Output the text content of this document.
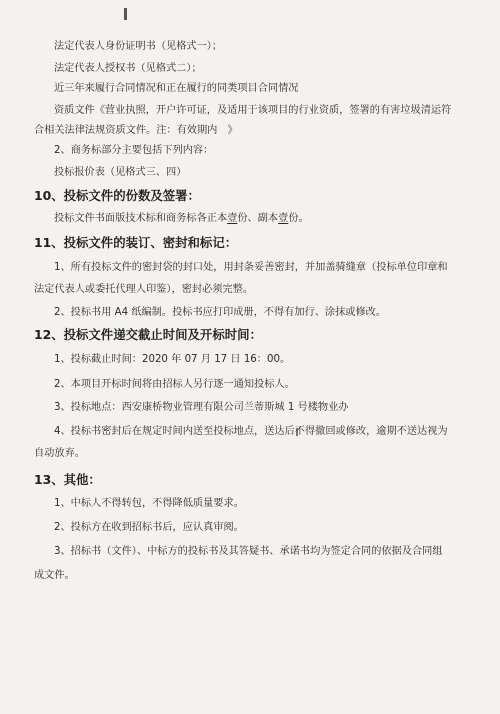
法定代表人身份证明书（见格式一）；
法定代表人授权书（见格式二）；
近三年来履行合同情况和正在履行的同类项目合同情况
资质文件《营业执照，开户许可证，及适用于该项目的行业资质，签署的有害垃圾清运符
合相关法律法规资质文件。注：有效期内　》
2、商务标部分主要包括下列内容：
投标报价表（见格式三、四）
10、投标文件的份数及签署：
投标文件书面版技术标和商务标各正本壹份、副本壹份。
11、投标文件的装订、密封和标记：
1、所有投标文件的密封袋的封口处，用封条妥善密封，并加盖骑缝章（投标单位印章和
法定代表人或委托代理人印鉴），密封必须完整。
2、投标书用 A4 纸编制。投标书应打印成册，不得有加行、涂抹或修改。
12、投标文件递交截止时间及开标时间：
1、投标截止时间：2020 年 07 月 17 日 16：00。
2、本项目开标时间将由招标人另行逐一通知投标人。
3、投标地点：西安康桥物业管理有限公司兰蒂斯城 1 号楼物业办
4、投标书密封后在规定时间内送至投标地点，送达后不得撤回或修改，逾期不送达视为
自动放弃。
13、其他：
1、中标人不得转包，不得降低质量要求。
2、投标方在收到招标书后，应认真审阅。
3、招标书（文件）、中标方的投标书及其答疑书、承诺书均为签定合同的依据及合同组
成文件。
